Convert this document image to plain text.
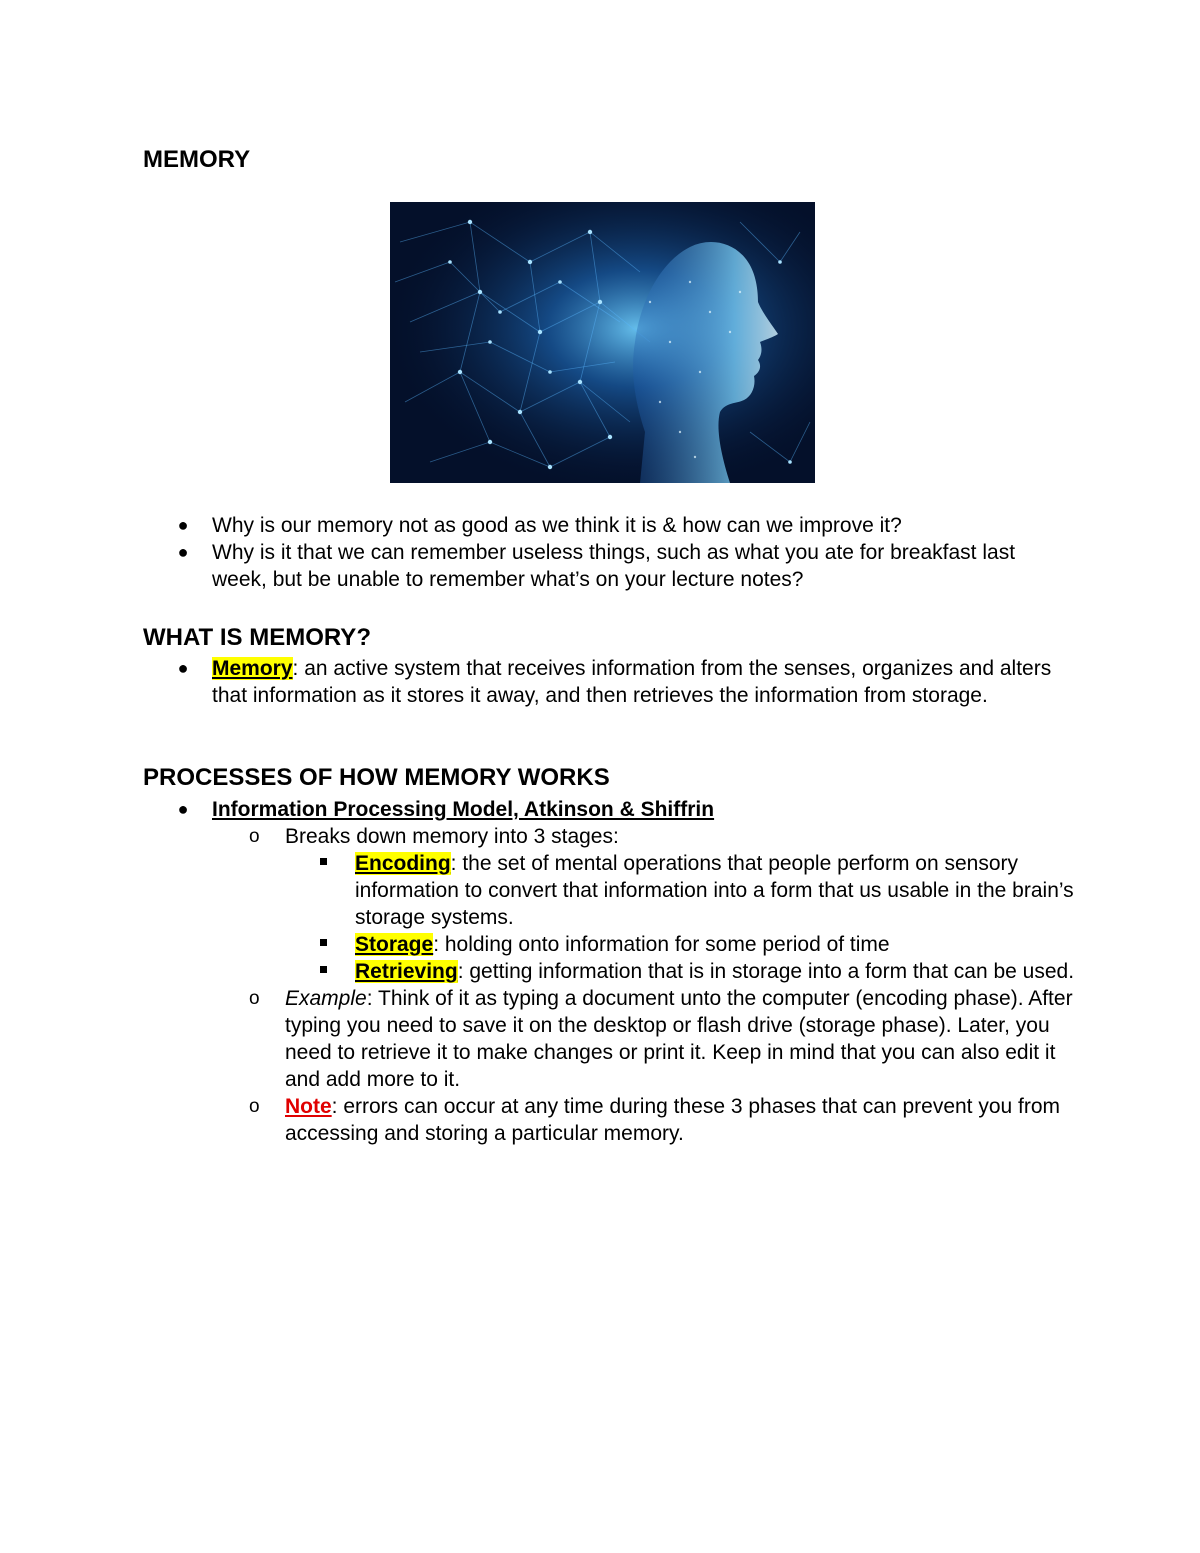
MEMORY
● Why is our memory not as good as we think it is & how can we improve it?
● Why is it that we can remember useless things, such as what you ate for breakfast last week, but be unable to remember what’s on your lecture notes?
WHAT IS MEMORY?
● Memory: an active system that receives information from the senses, organizes and alters that information as it stores it away, and then retrieves the information from storage.
PROCESSES OF HOW MEMORY WORKS
● Information Processing Model, Atkinson & Shiffrin
o Breaks down memory into 3 stages:
Encoding: the set of mental operations that people perform on sensory information to convert that information into a form that us usable in the brain’s storage systems.
Storage: holding onto information for some period of time
Retrieving: getting information that is in storage into a form that can be used.
o Example: Think of it as typing a document unto the computer (encoding phase). After typing you need to save it on the desktop or flash drive (storage phase). Later, you need to retrieve it to make changes or print it. Keep in mind that you can also edit it and add more to it.
o Note: errors can occur at any time during these 3 phases that can prevent you from accessing and storing a particular memory.
